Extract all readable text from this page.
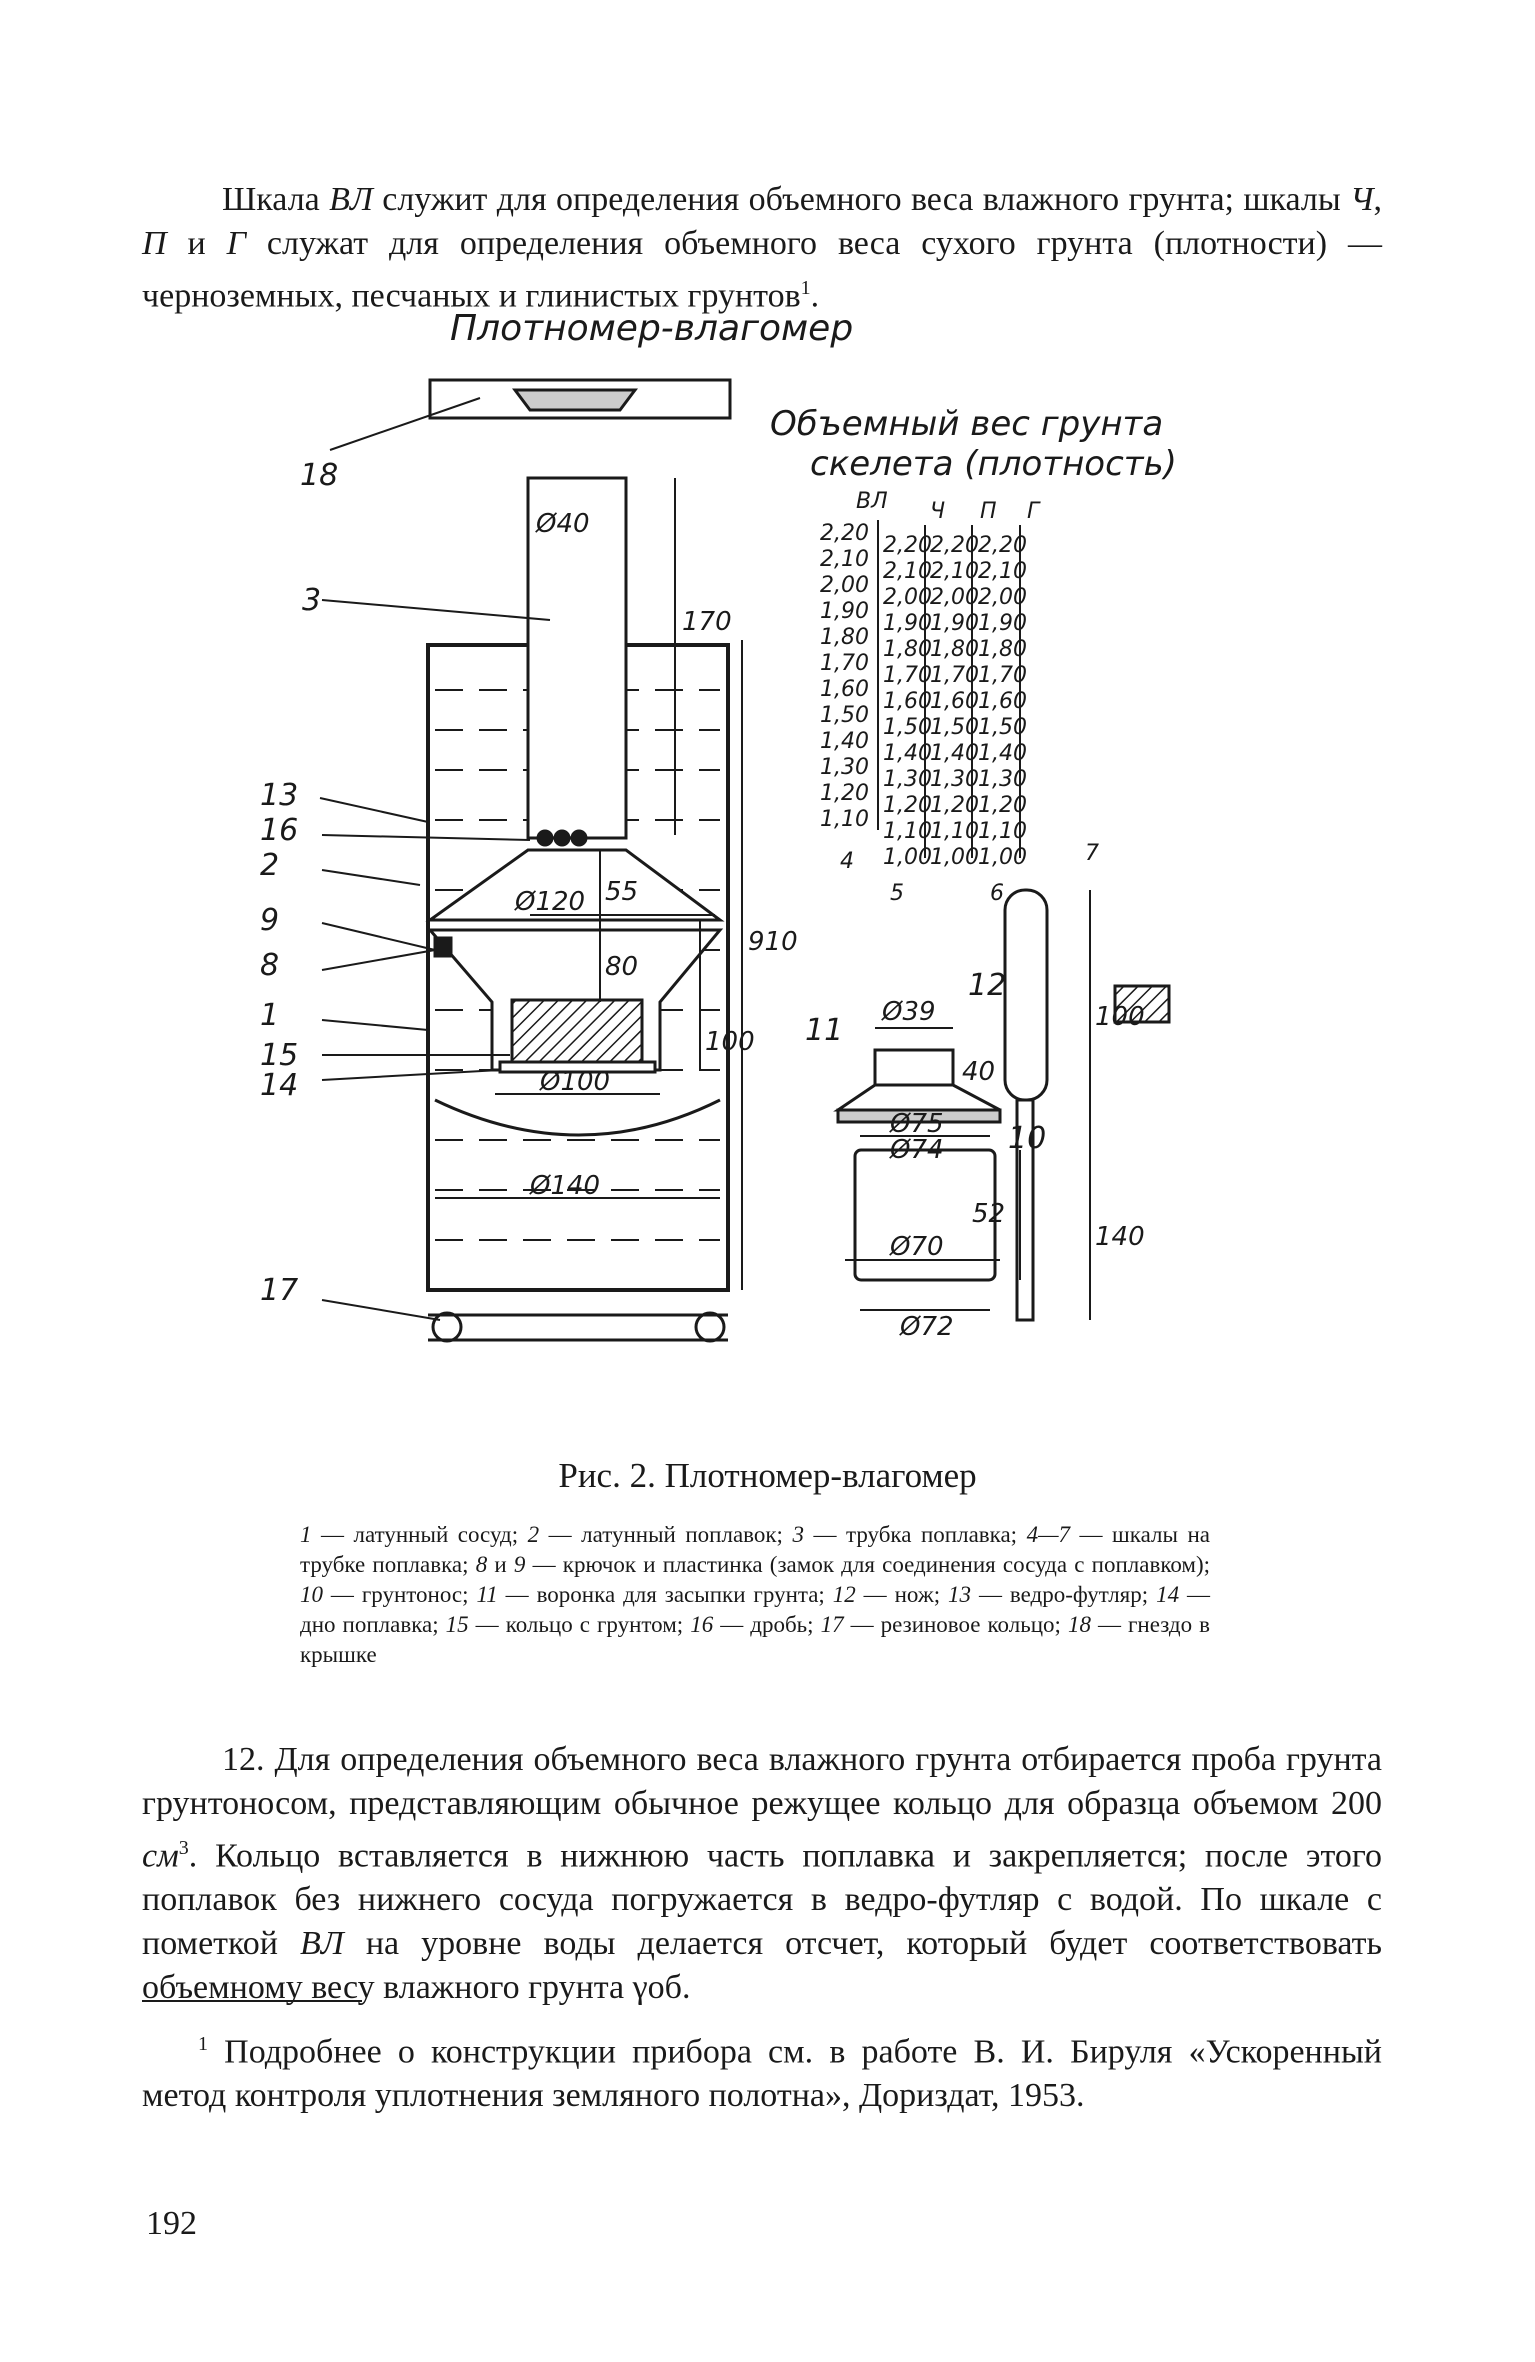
Шкала ВЛ служит для определения объемного веса влажного грунта; шкалы Ч, П и Г служат для определения объемного веса сухого грунта (плотности) — черноземных, песчаных и глинистых грунтов$^1$.

Плотномер-влагомер
18
3
13
16
2
9
8
1
15
14
17
11
10
12
Ø40
170
Ø120 55
80
100
Ø100
Ø140
910
Ø39
40
Ø75
Ø74
Ø70
52
Ø72
100
140
Объемный вес грунта
скелета (плотность)
ВЛ Ч П Г
2,20 2,20
2,20 2,20
2,10 2,10
2,10 2,10
2,00 2,00
2,00 2,00
1,90 1,90
1,90 1,90
1,80 1,80
1,80 1,80
1,70 1,70
1,70 1,70
1,60 1,60
1,60 1,60
1,50 1,50
1,50 1,50
1,40 1,40
1,40 1,40
1,30 1,30
1,30 1,30
1,20 1,20
1,20 1,20
1,10 1,10
1,10 1,10
1,00
1,00 1,00
4
5	6
7
Рис. 2. Плотномер-влагомер

1 — латунный сосуд; 2 — латунный поплавок; 3 — трубка поплавка; 4—7 — шкалы на трубке поплавка; 8 и 9 — крючок и пластинка (замок для соединения сосуда с поплавком); 10 — грунтонос; 11 — воронка для засыпки грунта; 12 — нож; 13 — ведро-футляр; 14 — дно поплавка; 15 — кольцо с грунтом; 16 — дробь; 17 — резиновое кольцо; 18 — гнездо в крышке

12. Для определения объемного веса влажного грунта отбирается проба грунта грунтоносом, представляющим обычное режущее кольцо для образца объемом 200 $см^3$. Кольцо вставляется в нижнюю часть поплавка и закрепляется; после этого поплавок без нижнего сосуда погружается в ведро-футляр с водой. По шкале с пометкой ВЛ на уровне воды делается отсчет, который будет соответствовать объемному весу влажного грунта γоб.

$^1$ Подробнее о конструкции прибора см. в работе В. И. Бируля «Ускоренный метод контроля уплотнения земляного полотна», Дориздат, 1953.

192
